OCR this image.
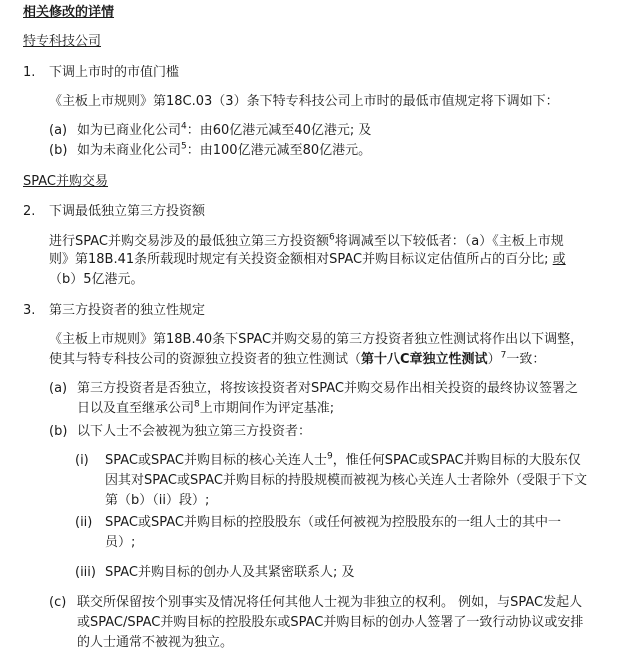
相关修改的详情
特专科技公司
1. 下调上市时的市值门槛
《主板上市规则》第18C.03（3）条下特专科技公司上市时的最低市值规定将下调如下：
(a) 如为已商业化公司$^4$：由60亿港元减至40亿港元; 及
(b) 如为未商业化公司$^5$：由100亿港元减至80亿港元。
SPAC并购交易
2. 下调最低独立第三方投资额
进行SPAC并购交易涉及的最低独立第三方投资额$^6$将调减至以下较低者：（a）《主板上市规
则》第18B.41条所载现时规定有关投资金额相对SPAC并购目标议定估值所占的百分比; 或
（b）5亿港元。
3. 第三方投资者的独立性规定
《主板上市规则》第18B.40条下SPAC并购交易的第三方投资者独立性测试将作出以下调整，
使其与特专科技公司的资源独立投资者的独立性测试（第十八C章独立性测试）$^7$一致：
(a) 第三方投资者是否独立，将按该投资者对SPAC并购交易作出相关投资的最终协议签署之
日以及直至继承公司$^8$上市期间作为评定基准;
(b) 以下人士不会被视为独立第三方投资者：
(i) SPAC或SPAC并购目标的核心关连人士$^9$，惟任何SPAC或SPAC并购目标的大股东仅
因其对SPAC或SPAC并购目标的持股规模而被视为核心关连人士者除外（受限于下文
第（b）（ii）段）;
(ii) SPAC或SPAC并购目标的控股股东（或任何被视为控股股东的一组人士的其中一
员）;
(iii) SPAC并购目标的创办人及其紧密联系人; 及
(c) 联交所保留按个别事实及情况将任何其他人士视为非独立的权利。 例如，与SPAC发起人
或SPAC/SPAC并购目标的控股股东或SPAC并购目标的创办人签署了一致行动协议或安排
的人士通常不被视为独立。
